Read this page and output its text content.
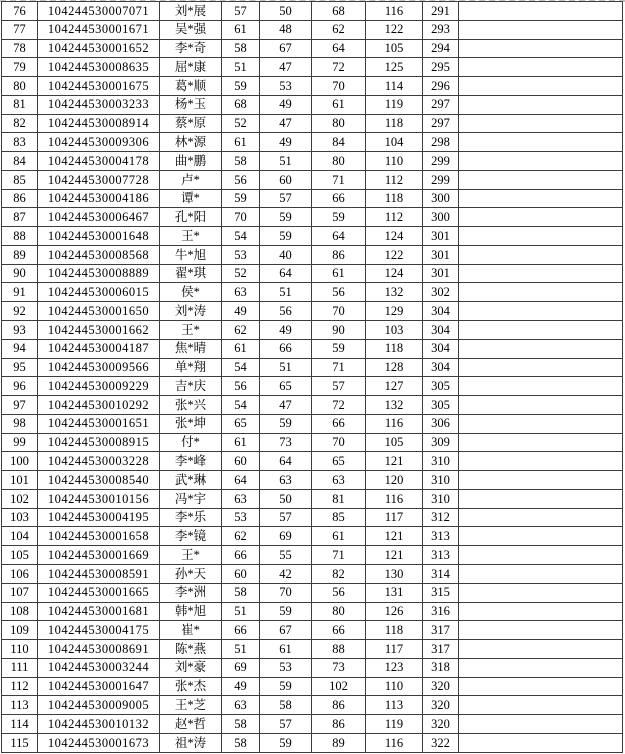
76	104244530007071	刘*展	57	50	68	116	291	
77	104244530001671	吴*强	61	48	62	122	293	
78	104244530001652	李*奇	58	67	64	105	294	
79	104244530008635	屈*康	51	47	72	125	295	
80	104244530001675	葛*顺	59	53	70	114	296	
81	104244530003233	杨*玉	68	49	61	119	297	
82	104244530008914	蔡*原	52	47	80	118	297	
83	104244530009306	林*源	61	49	84	104	298	
84	104244530004178	曲*鹏	58	51	80	110	299	
85	104244530007728	卢*	56	60	71	112	299	
86	104244530004186	谭*	59	57	66	118	300	
87	104244530006467	孔*阳	70	59	59	112	300	
88	104244530001648	王*	54	59	64	124	301	
89	104244530008568	牛*旭	53	40	86	122	301	
90	104244530008889	翟*琪	52	64	61	124	301	
91	104244530006015	侯*	63	51	56	132	302	
92	104244530001650	刘*涛	49	56	70	129	304	
93	104244530001662	王*	62	49	90	103	304	
94	104244530004187	焦*晴	61	66	59	118	304	
95	104244530009566	单*翔	54	51	71	128	304	
96	104244530009229	吉*庆	56	65	57	127	305	
97	104244530010292	张*兴	54	47	72	132	305	
98	104244530001651	张*坤	65	59	66	116	306	
99	104244530008915	付*	61	73	70	105	309	
100	104244530003228	李*峰	60	64	65	121	310	
101	104244530008540	武*琳	64	63	63	120	310	
102	104244530010156	冯*宇	63	50	81	116	310	
103	104244530004195	李*乐	53	57	85	117	312	
104	104244530001658	李*镜	62	69	61	121	313	
105	104244530001669	王*	66	55	71	121	313	
106	104244530008591	孙*天	60	42	82	130	314	
107	104244530001665	李*洲	58	70	56	131	315	
108	104244530001681	韩*旭	51	59	80	126	316	
109	104244530004175	崔*	66	67	66	118	317	
110	104244530008691	陈*燕	51	61	88	117	317	
111	104244530003244	刘*豪	69	53	73	123	318	
112	104244530001647	张*杰	49	59	102	110	320	
113	104244530009005	王*芝	63	58	86	113	320	
114	104244530010132	赵*哲	58	57	86	119	320	
115	104244530001673	祖*涛	58	59	89	116	322	
